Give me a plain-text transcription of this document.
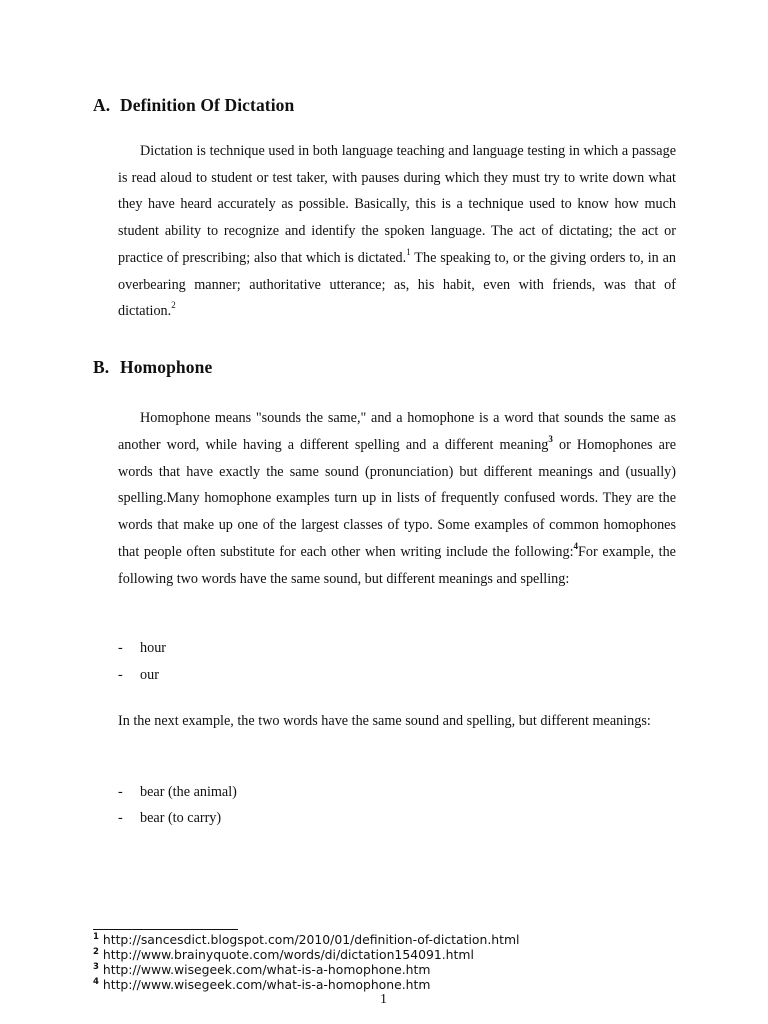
A. Definition Of Dictation

Dictation is technique used in both language teaching and language testing in which a passage is read aloud to student or test taker, with pauses during which they must try to write down what they have heard accurately as possible. Basically, this is a technique used to know how much student ability to recognize and identify the spoken language. The act of dictating; the act or practice of prescribing; also that which is dictated.$^1$ The speaking to, or the giving orders to, in an overbearing manner; authoritative utterance; as, his habit, even with friends, was that of dictation.$^2$

B. Homophone

Homophone means "sounds the same," and a homophone is a word that sounds the same as another word, while having a different spelling and a different meaning$^3$ or Homophones are words that have exactly the same sound (pronunciation) but different meanings and (usually) spelling.Many homophone examples turn up in lists of frequently confused words. They are the words that make up one of the largest classes of typo. Some examples of common homophones that people often substitute for each other when writing include the following:$^4$For example, the following two words have the same sound, but different meanings and spelling:

- hour
- our

In the next example, the two words have the same sound and spelling, but different meanings:

- bear (the animal)
- bear (to carry)
$^1$ http://sancesdict.blogspot.com/2010/01/definition-of-dictation.html
$^2$ http://www.brainyquote.com/words/di/dictation154091.html
$^3$ http://www.wisegeek.com/what-is-a-homophone.htm
$^4$ http://www.wisegeek.com/what-is-a-homophone.htm
1
